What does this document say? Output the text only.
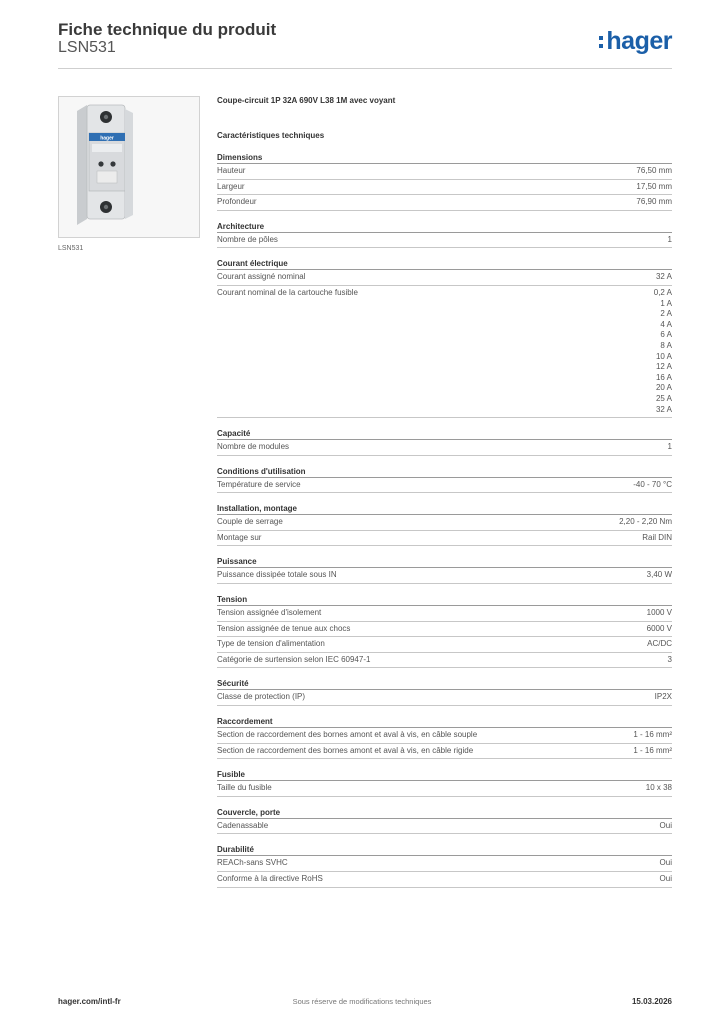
Fiche technique du produit
LSN531	hager
hager
LSN531
Coupe-circuit 1P 32A 690V L38 1M avec voyant
Caractéristiques techniques
Dimensions
Hauteur	76,50 mm
Largeur	17,50 mm
Profondeur	76,90 mm
Architecture
Nombre de pôles	1
Courant électrique
Courant assigné nominal	32 A
Courant nominal de la cartouche fusible	0,2 A
1 A
2 A
4 A
6 A
8 A
10 A
12 A
16 A
20 A
25 A
32 A
Capacité
Nombre de modules	1
Conditions d'utilisation
Température de service	-40 - 70 °C
Installation, montage
Couple de serrage	2,20 - 2,20 Nm
Montage sur	Rail DIN
Puissance
Puissance dissipée totale sous IN	3,40 W
Tension
Tension assignée d'isolement	1000 V
Tension assignée de tenue aux chocs	6000 V
Type de tension d'alimentation	AC/DC
Catégorie de surtension selon IEC 60947-1	3
Sécurité
Classe de protection (IP)	IP2X
Raccordement
Section de raccordement des bornes amont et aval à vis, en câble souple	1 - 16 mm²
Section de raccordement des bornes amont et aval à vis, en câble rigide	1 - 16 mm²
Fusible
Taille du fusible	10 x 38
Couvercle, porte
Cadenassable	Oui
Durabilité
REACh-sans SVHC	Oui
Conforme à la directive RoHS	Oui
hager.com/intl-fr	Sous réserve de modifications techniques	15.03.2026
